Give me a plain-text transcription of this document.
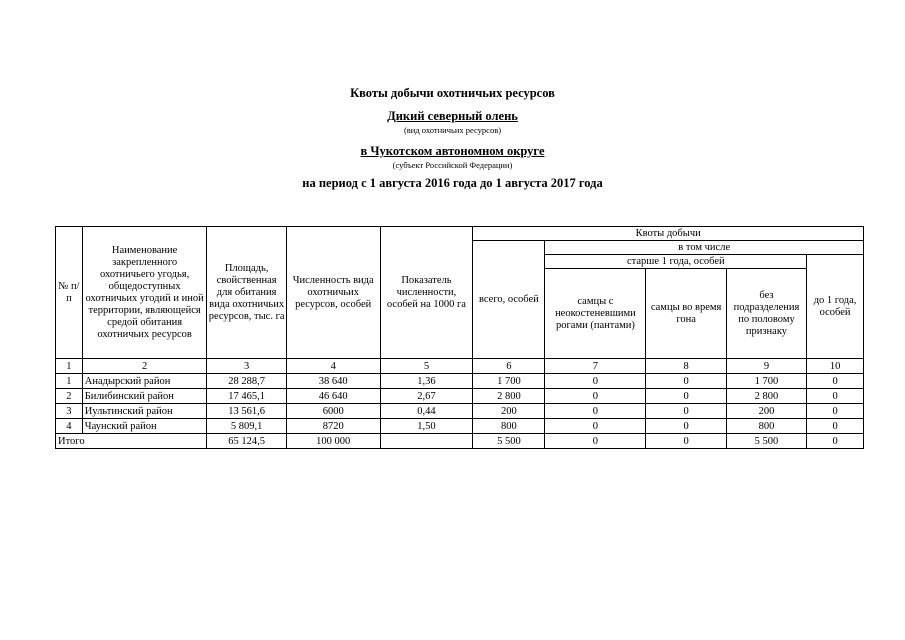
Квоты добычи охотничьих ресурсов
Дикий северный олень
(вид охотничьих ресурсов)
в Чукотском автономном округе
(субъект Российской Федерации)
на период с 1 августа 2016 года до 1 августа 2017 года
№ п/п	Наименование закрепленного охотничьего угодья, общедоступных охотничьих угодий и иной территории, являющейся средой обитания охотничьих ресурсов	Площадь, свойственная для обитания вида охотничьих ресурсов, тыс. га	Численность вида охотничьих ресурсов, особей	Показатель численности, особей на 1000 га	Квоты добычи				
					всего, особей	в том числе			
						старше 1 года, особей			до 1 года, особей
						самцы с неокостеневшими рогами (пантами)	самцы во время гона	без подразделения по половому признаку	
1	2	3	4	5	6	7	8	9	10
1	Анадырский район	28 288,7	38 640	1,36	1 700	0	0	1 700	0
2	Билибинский район	17 465,1	46 640	2,67	2 800	0	0	2 800	0
3	Иультинский район	13 561,6	6000	0,44	200	0	0	200	0
4	Чаунский район	5 809,1	8720	1,50	800	0	0	800	0
Итого		65 124,5	100 000		5 500	0	0	5 500	0
